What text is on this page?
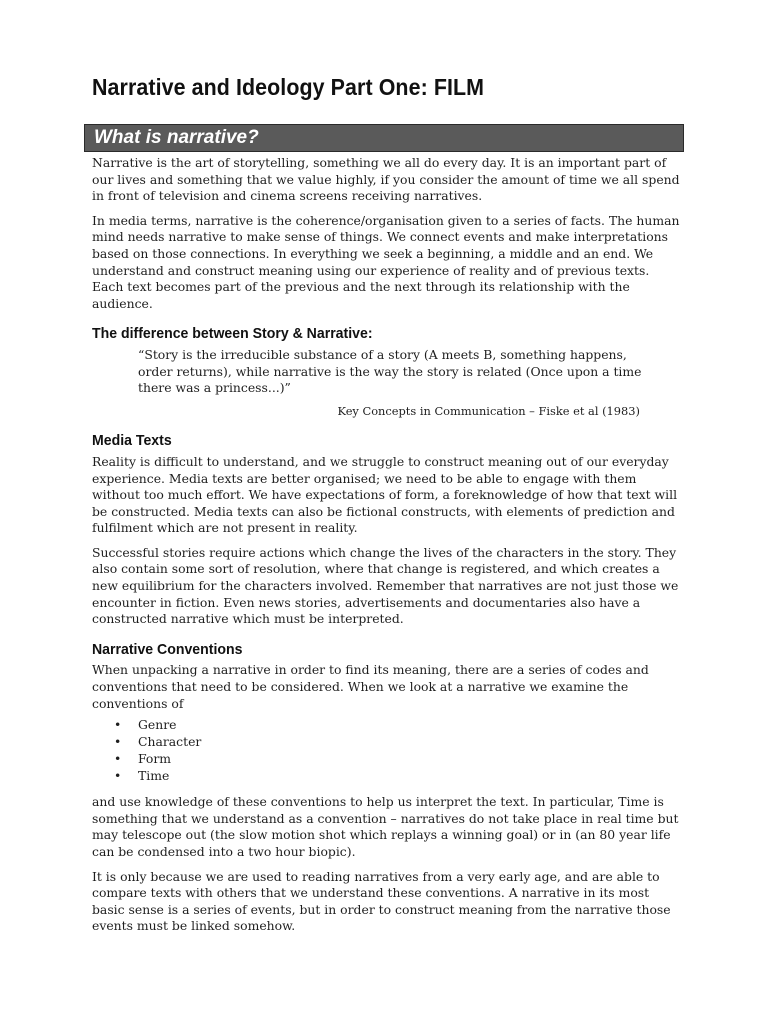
Narrative and Ideology Part One: FILM
What is narrative?

Narrative is the art of storytelling, something we all do every day. It is an important part of our lives and something that we value highly, if you consider the amount of time we all spend in front of television and cinema screens receiving narratives.

In media terms, narrative is the coherence/organisation given to a series of facts. The human mind needs narrative to make sense of things. We connect events and make interpretations based on those connections. In everything we seek a beginning, a middle and an end. We understand and construct meaning using our experience of reality and of previous texts. Each text becomes part of the previous and the next through its relationship with the audience.

The difference between Story & Narrative:

“Story is the irreducible substance of a story (A meets B, something happens, order returns), while narrative is the way the story is related (Once upon a time there was a princess...)”

Key Concepts in Communication – Fiske et al (1983)
Media Texts

Reality is difficult to understand, and we struggle to construct meaning out of our everyday experience. Media texts are better organised; we need to be able to engage with them without too much effort. We have expectations of form, a foreknowledge of how that text will be constructed. Media texts can also be fictional constructs, with elements of prediction and fulfilment which are not present in reality.

Successful stories require actions which change the lives of the characters in the story. They also contain some sort of resolution, where that change is registered, and which creates a new equilibrium for the characters involved. Remember that narratives are not just those we encounter in fiction. Even news stories, advertisements and documentaries also have a constructed narrative which must be interpreted.

Narrative Conventions

When unpacking a narrative in order to find its meaning, there are a series of codes and conventions that need to be considered. When we look at a narrative we examine the conventions of

• Genre
• Character
• Form
• Time

and use knowledge of these conventions to help us interpret the text. In particular, Time is something that we understand as a convention – narratives do not take place in real time but may telescope out (the slow motion shot which replays a winning goal) or in (an 80 year life can be condensed into a two hour biopic).

It is only because we are used to reading narratives from a very early age, and are able to compare texts with others that we understand these conventions. A narrative in its most basic sense is a series of events, but in order to construct meaning from the narrative those events must be linked somehow.
